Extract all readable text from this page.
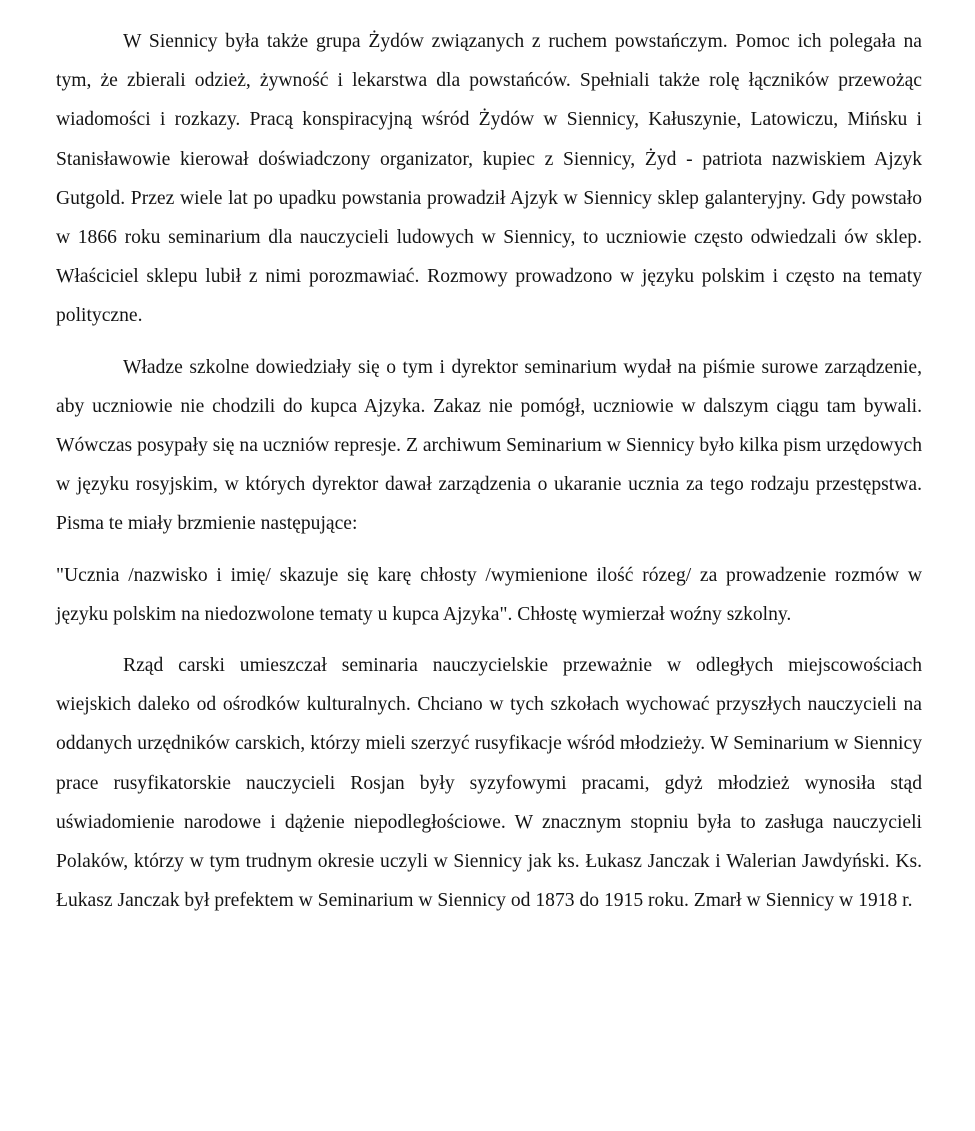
W Siennicy była także grupa Żydów związanych z ruchem powstańczym. Pomoc ich polegała na tym, że zbierali odzież, żywność i lekarstwa dla powstańców. Spełniali także rolę łączników przewożąc wiadomości i rozkazy. Pracą konspiracyjną wśród Żydów w Siennicy, Kałuszynie, Latowiczu, Mińsku i Stanisławowie kierował doświadczony organizator, kupiec z Siennicy, Żyd - patriota nazwiskiem Ajzyk Gutgold. Przez wiele lat po upadku powstania prowadził Ajzyk w Siennicy sklep galanteryjny. Gdy powstało w 1866 roku seminarium dla nauczycieli ludowych w Siennicy, to uczniowie często odwiedzali ów sklep. Właściciel sklepu lubił z nimi porozmawiać. Rozmowy prowadzono w języku polskim i często na tematy polityczne.

Władze szkolne dowiedziały się o tym i dyrektor seminarium wydał na piśmie surowe zarządzenie, aby uczniowie nie chodzili do kupca Ajzyka. Zakaz nie pomógł, uczniowie w dalszym ciągu tam bywali. Wówczas posypały się na uczniów represje. Z archiwum Seminarium w Siennicy było kilka pism urzędowych w języku rosyjskim, w których dyrektor dawał zarządzenia o ukaranie ucznia za tego rodzaju przestępstwa. Pisma te miały brzmienie następujące:

"Ucznia /nazwisko i imię/ skazuje się karę chłosty /wymienione ilość rózeg/ za prowadzenie rozmów w języku polskim na niedozwolone tematy u kupca Ajzyka". Chłostę wymierzał woźny szkolny.

Rząd carski umieszczał seminaria nauczycielskie przeważnie w odległych miejscowościach wiejskich daleko od ośrodków kulturalnych. Chciano w tych szkołach wychować przyszłych nauczycieli na oddanych urzędników carskich, którzy mieli szerzyć rusyfikacje wśród młodzieży. W Seminarium w Siennicy prace rusyfikatorskie nauczycieli Rosjan były syzyfowymi pracami, gdyż młodzież wynosiła stąd uświadomienie narodowe i dążenie niepodległościowe. W znacznym stopniu była to zasługa nauczycieli Polaków, którzy w tym trudnym okresie uczyli w Siennicy jak ks. Łukasz Janczak i Walerian Jawdyński. Ks. Łukasz Janczak był prefektem w Seminarium w Siennicy od 1873 do 1915 roku. Zmarł w Siennicy w 1918 r.
